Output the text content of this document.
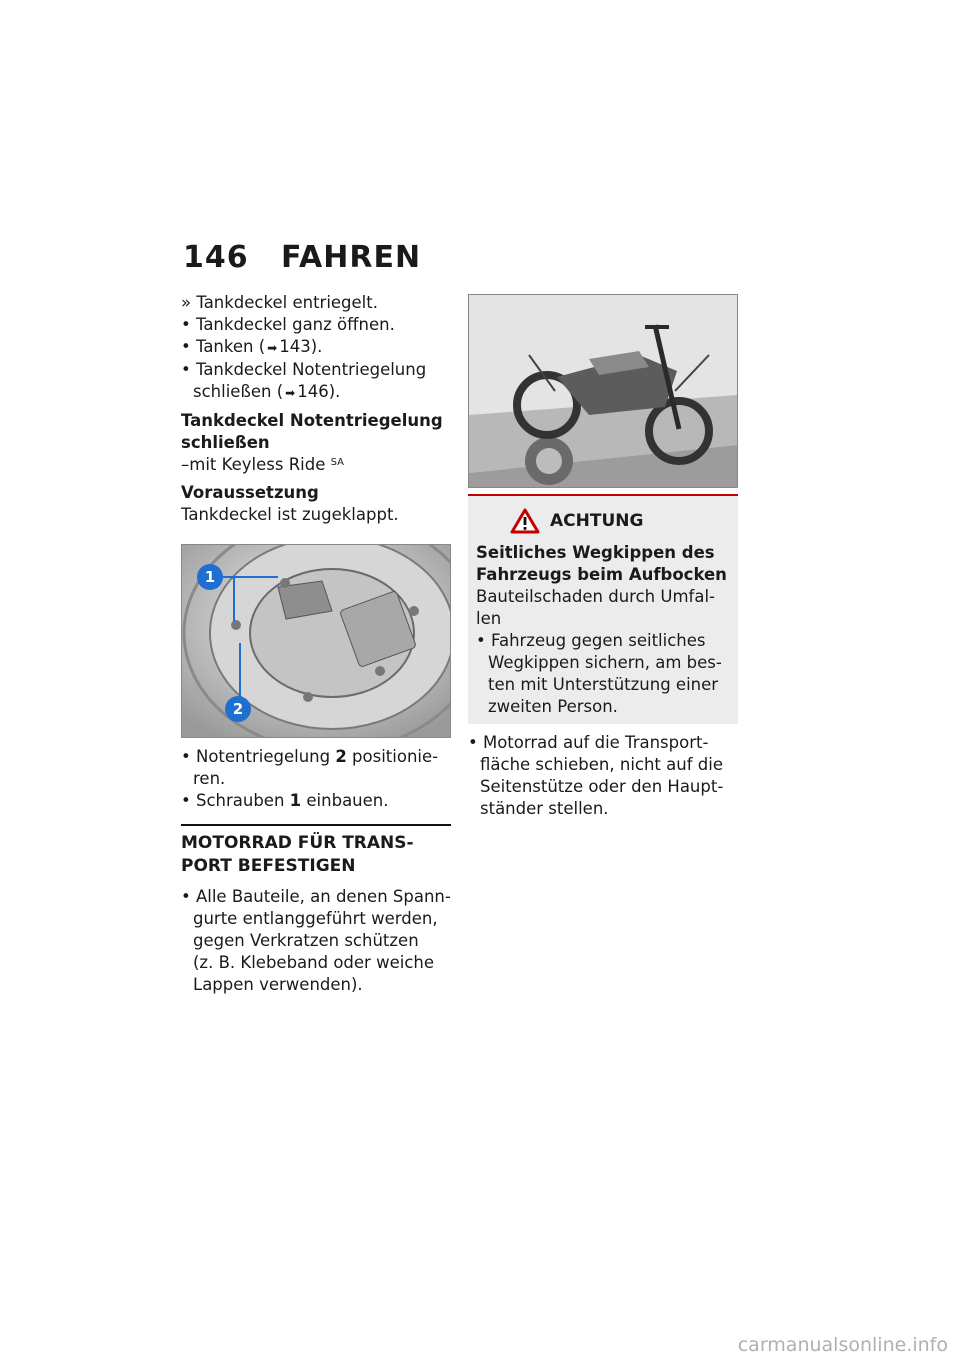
146 FAHREN
» Tankdeckel entriegelt.
• Tankdeckel ganz öffnen.
• Tanken ( ➡ 143).
• Tankdeckel Notentriegelung
schließen ( ➡ 146).
Tankdeckel Notentriegelung
schließen
–mit Keyless Ride $^{SA}$
Voraussetzung
Tankdeckel ist zugeklappt.
1
2
• Notentriegelung 2 positionie-
ren.
• Schrauben 1 einbauen.
MOTORRAD FÜR TRANS-
PORT BEFESTIGEN
• Alle Bauteile, an denen Spann-
gurte entlanggeführt werden,
gegen Verkratzen schützen
(z. B. Klebeband oder weiche
Lappen verwenden).
ACHTUNG
Seitliches Wegkippen des
Fahrzeugs beim Aufbocken
Bauteilschaden durch Umfal-
len
• Fahrzeug gegen seitliches
Wegkippen sichern, am bes-
ten mit Unterstützung einer
zweiten Person.
• Motorrad auf die Transport-
fläche schieben, nicht auf die
Seitenstütze oder den Haupt-
ständer stellen.
carmanualsonline.info
